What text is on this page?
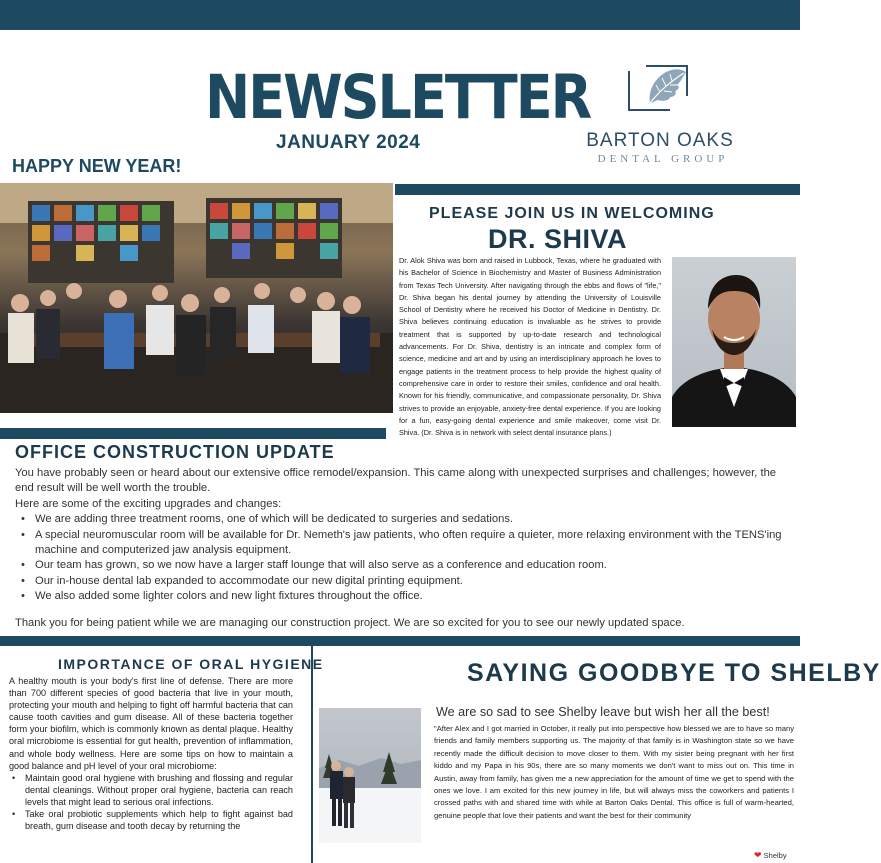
NEWSLETTER
JANUARY 2024
HAPPY NEW YEAR!
BARTON OAKS
DENTAL GROUP
PLEASE JOIN US IN WELCOMING
DR. SHIVA
Dr. Alok Shiva was born and raised in Lubbock, Texas, where he graduated with his Bachelor of Science in Biochemistry and Master of Business Administration from Texas Tech University. After navigating through the ebbs and flows of "life," Dr. Shiva began his dental journey by attending the University of Louisville School of Dentistry where he received his Doctor of Medicine in Dentistry. Dr. Shiva believes continuing education is invaluable as he strives to provide treatment that is supported by up-to-date research and technological advancements. For Dr. Shiva, dentistry is an intricate and complex form of science, medicine and art and by using an interdisciplinary approach he loves to engage patients in the treatment process to help provide the highest quality of comprehensive care in order to restore their smiles, confidence and oral health. Known for his friendly, communicative, and compassionate personality, Dr. Shiva strives to provide an enjoyable, anxiety-free dental experience. If you are looking for a fun, easy-going dental experience and smile makeover, come visit Dr. Shiva. (Dr. Shiva is in network with select dental insurance plans.)
OFFICE CONSTRUCTION UPDATE

You have probably seen or heard about our extensive office remodel/expansion. This came along with unexpected surprises and challenges; however, the end result will be well worth the trouble.

Here are some of the exciting upgrades and changes:

• We are adding three treatment rooms, one of which will be dedicated to surgeries and sedations.
• A special neuromuscular room will be available for Dr. Nemeth's jaw patients, who often require a quieter, more relaxing environment with the TENS'ing machine and computerized jaw analysis equipment.
• Our team has grown, so we now have a larger staff lounge that will also serve as a conference and education room.
• Our in-house dental lab expanded to accommodate our new digital printing equipment.
• We also added some lighter colors and new light fixtures throughout the office.
Thank you for being patient while we are managing our construction project. We are so excited for you to see our newly updated space.
IMPORTANCE OF ORAL HYGIENE

A healthy mouth is your body's first line of defense. There are more than 700 different species of good bacteria that live in your mouth, protecting your mouth and helping to fight off harmful bacteria that can cause tooth cavities and gum disease. All of these bacteria together form your biofilm, which is commonly known as dental plaque. Healthy oral microbiome is essential for gut health, prevention of inflammation, and whole body wellness. Here are some tips on how to maintain a good balance and pH level of your oral microbiome:

• Maintain good oral hygiene with brushing and flossing and regular dental cleanings. Without proper oral hygiene, bacteria can reach levels that might lead to serious oral infections.
• Take oral probiotic supplements which help to fight against bad breath, gum disease and tooth decay by returning the
SAYING GOODBYE TO SHELBY
We are so sad to see Shelby leave but wish her all the best!
"After Alex and I got married in October, it really put into perspective how blessed we are to have so many friends and family members supporting us. The majority of that family is in Washington state so we have recently made the difficult decision to move closer to them. With my sister being pregnant with her first kiddo and my Papa in his 90s, there are so many moments we don't want to miss out on. This time in Austin, away from family, has given me a new appreciation for the amount of time we get to spend with the ones we love. I am excited for this new journey in life, but will always miss the coworkers and patients I crossed paths with and shared time with while at Barton Oaks Dental. This office is full of warm-hearted, genuine people that love their patients and want the best for their community
❤ Shelby
